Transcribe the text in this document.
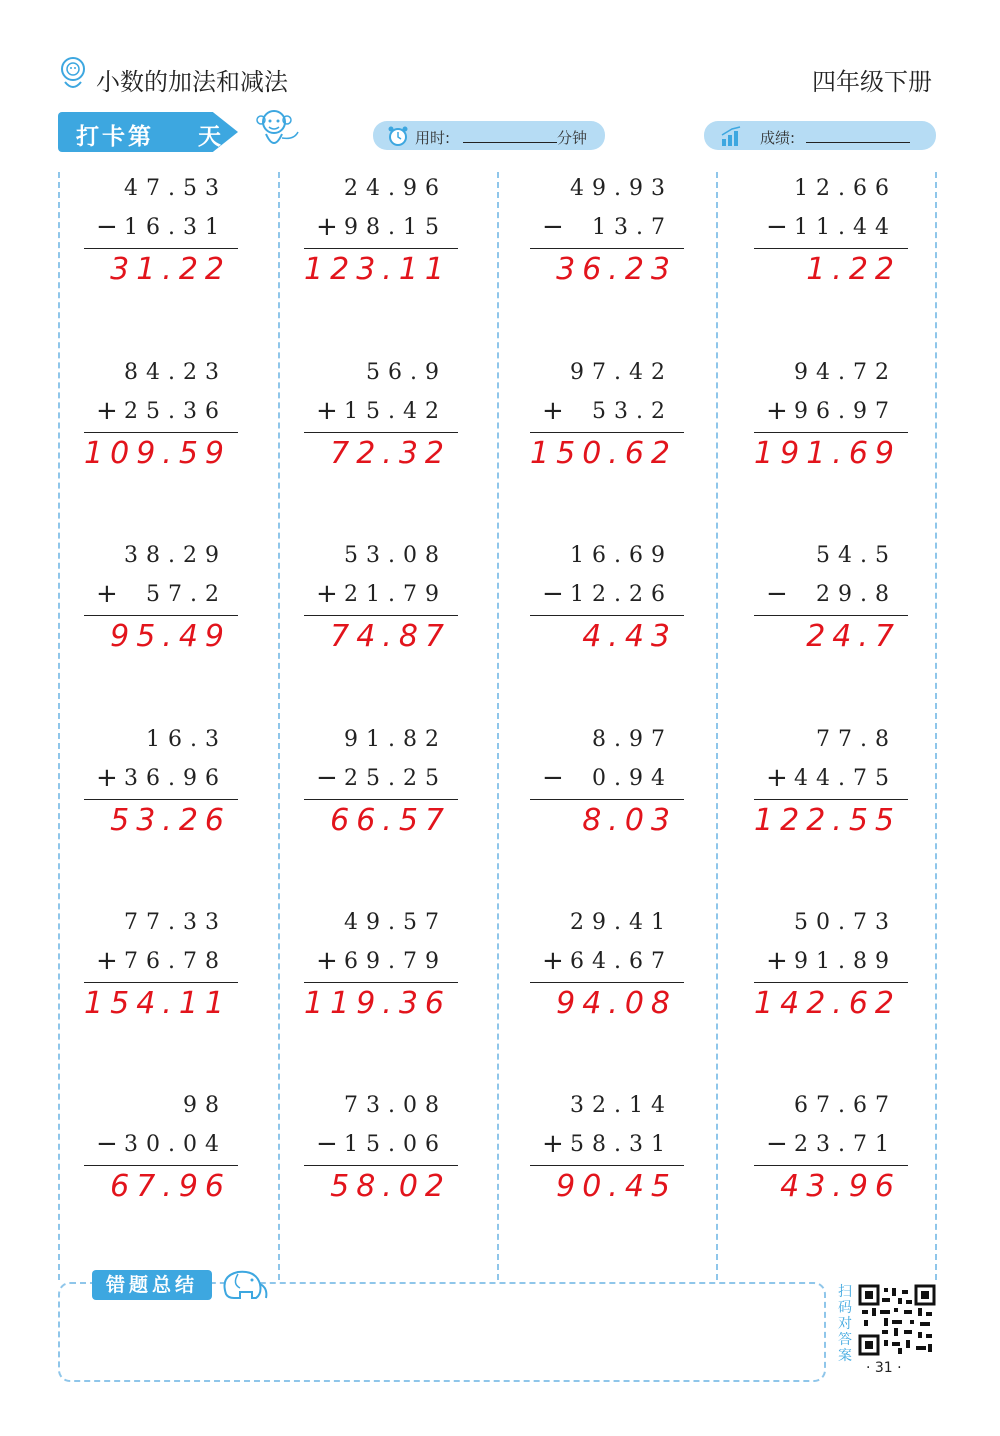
小数的加法和减法	四年级下册
打卡第    天	用时:	分钟	成绩:
47.53
− 16.31
31.22
24.96
+ 98.15
123.11
49.93
− 13.7
36.23
12.66
− 11.44
1.22
84.23
+ 25.36
109.59
56.9
+ 15.42
72.32
97.42
+ 53.2
150.62
94.72
+ 96.97
191.69
38.29
+ 57.2
95.49
53.08
+ 21.79
74.87
16.69
− 12.26
4.43
54.5
− 29.8
24.7
16.3
+ 36.96
53.26
91.82
− 25.25
66.57
8.97
− 0.94
8.03
77.8
+ 44.75
122.55
77.33
+ 76.78
154.11
49.57
+ 69.79
119.36
29.41
+ 64.67
94.08
50.73
+ 91.89
142.62
98
− 30.04
67.96
73.08
− 15.06
58.02
32.14
+ 58.31
90.45
67.67
− 23.71
43.96
错题总结	扫码对答案
· 31 ·
